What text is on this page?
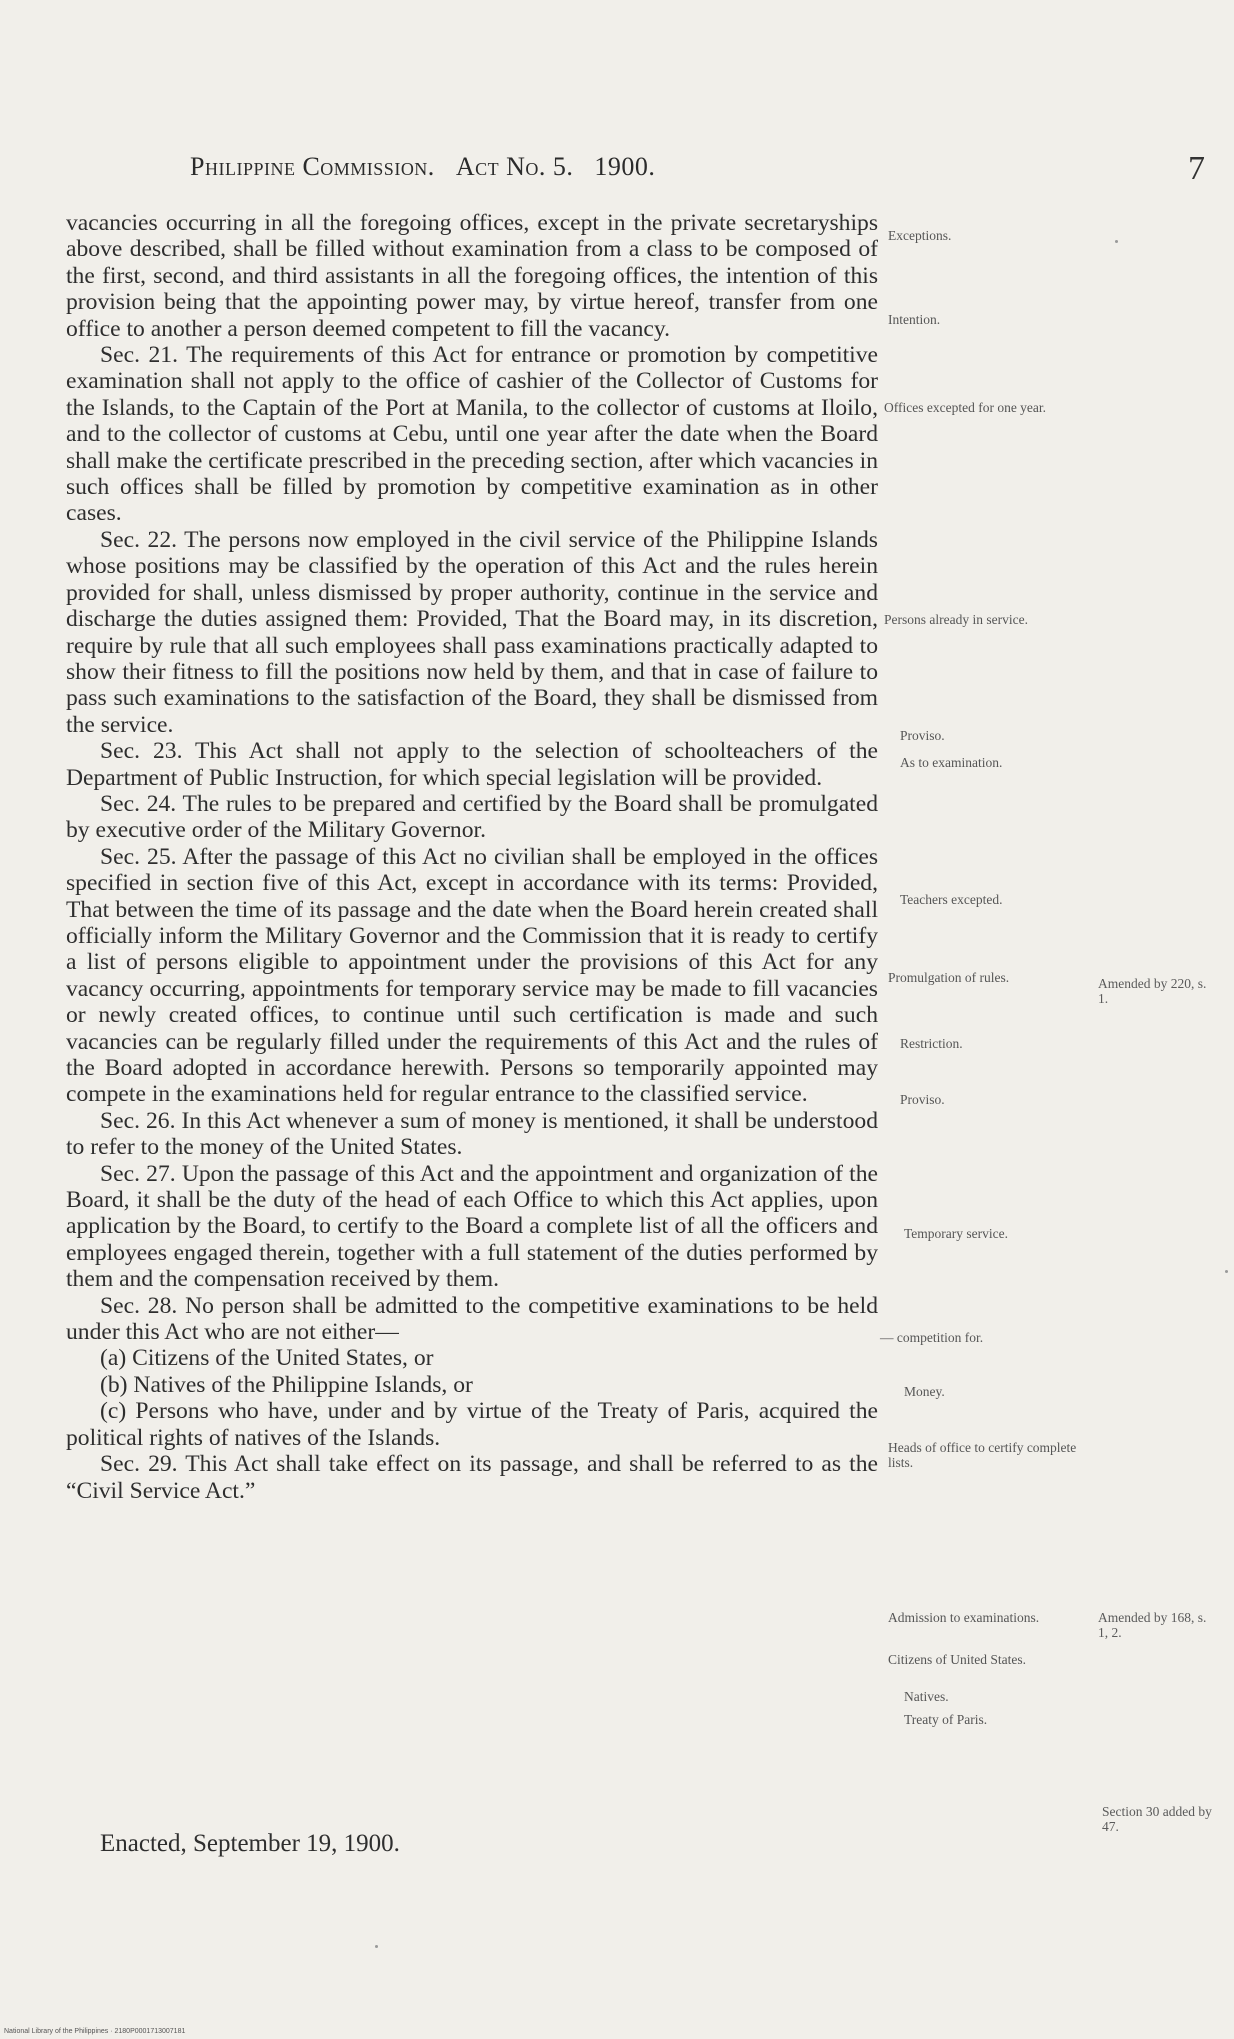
Philippine Commission. Act No. 5. 1900.	7

vacancies occurring in all the foregoing offices, except in the private secretaryships above described, shall be filled without examination from a class to be composed of the first, second, and third assistants in all the foregoing offices, the intention of this provision being that the appointing power may, by virtue hereof, transfer from one office to another a person deemed competent to fill the vacancy.

Sec. 21. The requirements of this Act for entrance or promotion by competitive examination shall not apply to the office of cashier of the Collector of Customs for the Islands, to the Captain of the Port at Manila, to the collector of customs at Iloilo, and to the collector of customs at Cebu, until one year after the date when the Board shall make the certificate prescribed in the preceding section, after which vacancies in such offices shall be filled by promotion by competitive examination as in other cases.

Sec. 22. The persons now employed in the civil service of the Philippine Islands whose positions may be classified by the operation of this Act and the rules herein provided for shall, unless dismissed by proper authority, continue in the service and discharge the duties assigned them: Provided, That the Board may, in its discretion, require by rule that all such employees shall pass examinations practically adapted to show their fitness to fill the positions now held by them, and that in case of failure to pass such examinations to the satisfaction of the Board, they shall be dismissed from the service.

Sec. 23. This Act shall not apply to the selection of schoolteachers of the Department of Public Instruction, for which special legislation will be provided.

Sec. 24. The rules to be prepared and certified by the Board shall be promulgated by executive order of the Military Governor.

Sec. 25. After the passage of this Act no civilian shall be employed in the offices specified in section five of this Act, except in accordance with its terms: Provided, That between the time of its passage and the date when the Board herein created shall officially inform the Military Governor and the Commission that it is ready to certify a list of persons eligible to appointment under the provisions of this Act for any vacancy occurring, appointments for temporary service may be made to fill vacancies or newly created offices, to continue until such certification is made and such vacancies can be regularly filled under the requirements of this Act and the rules of the Board adopted in accordance herewith. Persons so temporarily appointed may compete in the examinations held for regular entrance to the classified service.

Sec. 26. In this Act whenever a sum of money is mentioned, it shall be understood to refer to the money of the United States.

Sec. 27. Upon the passage of this Act and the appointment and organization of the Board, it shall be the duty of the head of each Office to which this Act applies, upon application by the Board, to certify to the Board a complete list of all the officers and employees engaged therein, together with a full statement of the duties performed by them and the compensation received by them.

Sec. 28. No person shall be admitted to the competitive examinations to be held under this Act who are not either—

(a) Citizens of the United States, or

(b) Natives of the Philippine Islands, or

(c) Persons who have, under and by virtue of the Treaty of Paris, acquired the political rights of natives of the Islands.

Sec. 29. This Act shall take effect on its passage, and shall be referred to as the “Civil Service Act.”

Enacted, September 19, 1900.
Exceptions.
Intention.
Offices excepted for one year.
Persons already in service.
Proviso.
As to examination.
Teachers excepted.
Promulgation of rules.
Restriction.
Proviso.
Temporary service.
— competition for.
Money.
Heads of office to certify complete lists.
Admission to examinations.
Citizens of United States.
Natives.
Treaty of Paris.
Amended by 220, s. 1.
Amended by 168, s. 1, 2.
Section 30 added by 47.
National Library of the Philippines · 2180P0001713007181
